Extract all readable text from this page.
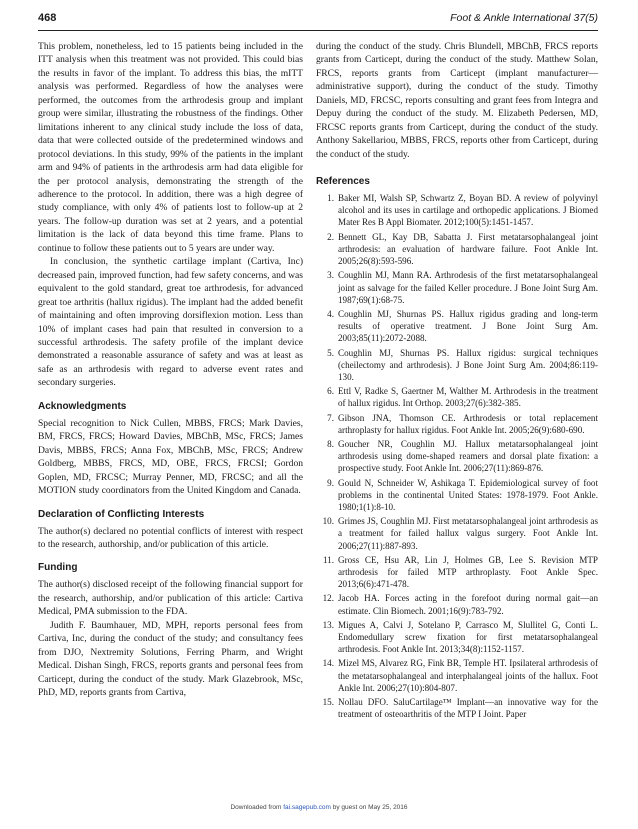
468	Foot & Ankle International 37(5)

This problem, nonetheless, led to 15 patients being included in the ITT analysis when this treatment was not provided. This could bias the results in favor of the implant. To address this bias, the mITT analysis was performed. Regardless of how the analyses were performed, the outcomes from the arthrodesis group and implant group were similar, illustrating the robustness of the findings. Other limitations inherent to any clinical study include the loss of data, data that were collected outside of the predetermined windows and protocol deviations. In this study, 99% of the patients in the implant arm and 94% of patients in the arthrodesis arm had data eligible for the per protocol analysis, demonstrating the strength of the adherence to the protocol. In addition, there was a high degree of study compliance, with only 4% of patients lost to follow-up at 2 years. The follow-up duration was set at 2 years, and a potential limitation is the lack of data beyond this time frame. Plans to continue to follow these patients out to 5 years are under way.

In conclusion, the synthetic cartilage implant (Cartiva, Inc) decreased pain, improved function, had few safety concerns, and was equivalent to the gold standard, great toe arthrodesis, for advanced great toe arthritis (hallux rigidus). The implant had the added benefit of maintaining and often improving dorsiflexion motion. Less than 10% of implant cases had pain that resulted in conversion to a successful arthrodesis. The safety profile of the implant device demonstrated a reasonable assurance of safety and was at least as safe as an arthrodesis with regard to adverse event rates and secondary surgeries.

Acknowledgments

Special recognition to Nick Cullen, MBBS, FRCS; Mark Davies, BM, FRCS, FRCS; Howard Davies, MBChB, MSc, FRCS; James Davis, MBBS, FRCS; Anna Fox, MBChB, MSc, FRCS; Andrew Goldberg, MBBS, FRCS, MD, OBE, FRCS, FRCSI; Gordon Goplen, MD, FRCSC; Murray Penner, MD, FRCSC; and all the MOTION study coordinators from the United Kingdom and Canada.

Declaration of Conflicting Interests

The author(s) declared no potential conflicts of interest with respect to the research, authorship, and/or publication of this article.

Funding

The author(s) disclosed receipt of the following financial support for the research, authorship, and/or publication of this article: Cartiva Medical, PMA submission to the FDA.

Judith F. Baumhauer, MD, MPH, reports personal fees from Cartiva, Inc, during the conduct of the study; and consultancy fees from DJO, Nextremity Solutions, Ferring Pharm, and Wright Medical. Dishan Singh, FRCS, reports grants and personal fees from Carticept, during the conduct of the study. Mark Glazebrook, MSc, PhD, MD, reports grants from Cartiva,

during the conduct of the study. Chris Blundell, MBChB, FRCS reports grants from Carticept, during the conduct of the study. Matthew Solan, FRCS, reports grants from Carticept (implant manufacturer—administrative support), during the conduct of the study. Timothy Daniels, MD, FRCSC, reports consulting and grant fees from Integra and Depuy during the conduct of the study. M. Elizabeth Pedersen, MD, FRCSC reports grants from Carticept, during the conduct of the study. Anthony Sakellariou, MBBS, FRCS, reports other from Carticept, during the conduct of the study.

References
1. Baker MI, Walsh SP, Schwartz Z, Boyan BD. A review of polyvinyl alcohol and its uses in cartilage and orthopedic applications. J Biomed Mater Res B Appl Biomater. 2012;100(5):1451-1457.
2. Bennett GL, Kay DB, Sabatta J. First metatarsophalangeal joint arthrodesis: an evaluation of hardware failure. Foot Ankle Int. 2005;26(8):593-596.
3. Coughlin MJ, Mann RA. Arthrodesis of the first metatarsophalangeal joint as salvage for the failed Keller procedure. J Bone Joint Surg Am. 1987;69(1):68-75.
4. Coughlin MJ, Shurnas PS. Hallux rigidus grading and long-term results of operative treatment. J Bone Joint Surg Am. 2003;85(11):2072-2088.
5. Coughlin MJ, Shurnas PS. Hallux rigidus: surgical techniques (cheilectomy and arthrodesis). J Bone Joint Surg Am. 2004;86:119-130.
6. Ettl V, Radke S, Gaertner M, Walther M. Arthrodesis in the treatment of hallux rigidus. Int Orthop. 2003;27(6):382-385.
7. Gibson JNA, Thomson CE. Arthrodesis or total replacement arthroplasty for hallux rigidus. Foot Ankle Int. 2005;26(9):680-690.
8. Goucher NR, Coughlin MJ. Hallux metatarsophalangeal joint arthrodesis using dome-shaped reamers and dorsal plate fixation: a prospective study. Foot Ankle Int. 2006;27(11):869-876.
9. Gould N, Schneider W, Ashikaga T. Epidemiological survey of foot problems in the continental United States: 1978-1979. Foot Ankle. 1980;1(1):8-10.
10. Grimes JS, Coughlin MJ. First metatarsophalangeal joint arthrodesis as a treatment for failed hallux valgus surgery. Foot Ankle Int. 2006;27(11):887-893.
11. Gross CE, Hsu AR, Lin J, Holmes GB, Lee S. Revision MTP arthrodesis for failed MTP arthroplasty. Foot Ankle Spec. 2013;6(6):471-478.
12. Jacob HA. Forces acting in the forefoot during normal gait—an estimate. Clin Biomech. 2001;16(9):783-792.
13. Migues A, Calvi J, Sotelano P, Carrasco M, Slullitel G, Conti L. Endomedullary screw fixation for first metatarsophalangeal arthrodesis. Foot Ankle Int. 2013;34(8):1152-1157.
14. Mizel MS, Alvarez RG, Fink BR, Temple HT. Ipsilateral arthrodesis of the metatarsophalangeal and interphalangeal joints of the hallux. Foot Ankle Int. 2006;27(10):804-807.
15. Nollau DFO. SaluCartilage™ Implant—an innovative way for the treatment of osteoarthritis of the MTP I Joint. Paper
Downloaded from fai.sagepub.com by guest on May 25, 2016
